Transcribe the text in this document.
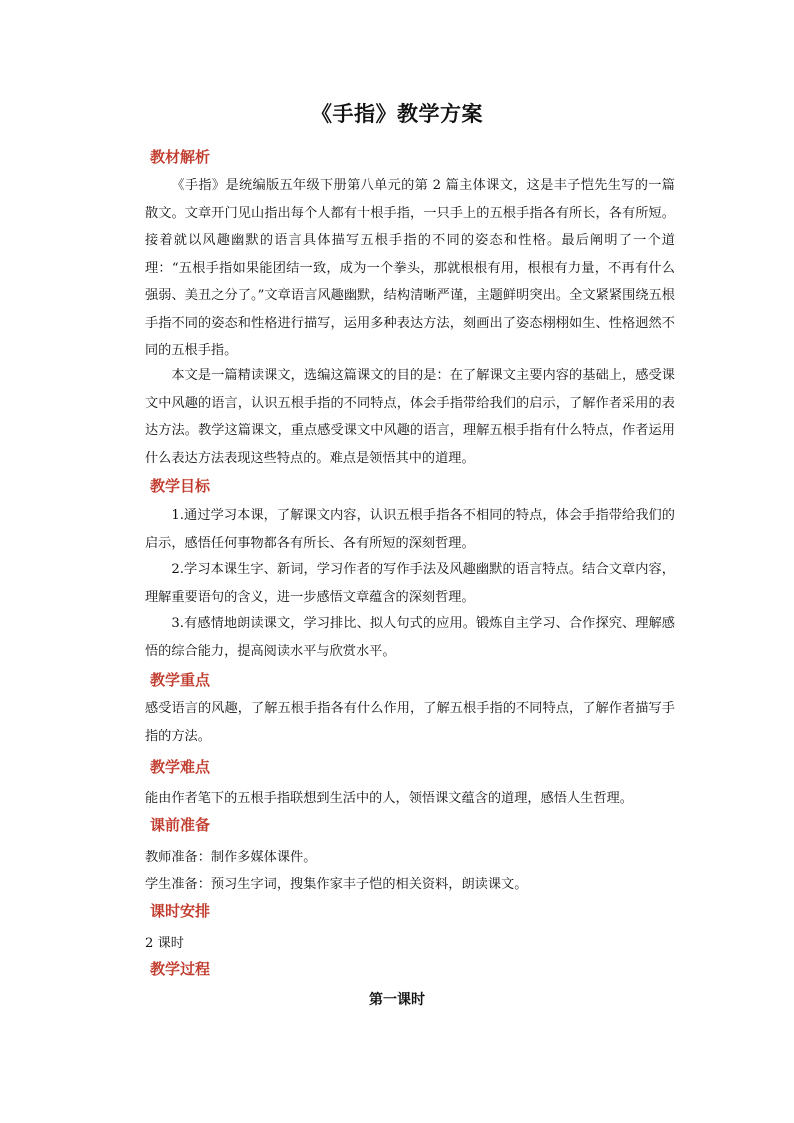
《手指》教学方案
教材解析

《手指》是统编版五年级下册第八单元的第 2 篇主体课文，这是丰子恺先生写的一篇散文。文章开门见山指出每个人都有十根手指，一只手上的五根手指各有所长，各有所短。接着就以风趣幽默的语言具体描写五根手指的不同的姿态和性格。最后阐明了一个道理：“五根手指如果能团结一致，成为一个拳头，那就根根有用，根根有力量，不再有什么强弱、美丑之分了。”文章语言风趣幽默，结构清晰严谨，主题鲜明突出。全文紧紧围绕五根手指不同的姿态和性格进行描写，运用多种表达方法，刻画出了姿态栩栩如生、性格迥然不同的五根手指。

本文是一篇精读课文，选编这篇课文的目的是：在了解课文主要内容的基础上，感受课文中风趣的语言，认识五根手指的不同特点，体会手指带给我们的启示，了解作者采用的表达方法。教学这篇课文，重点感受课文中风趣的语言，理解五根手指有什么特点，作者运用什么表达方法表现这些特点的。难点是领悟其中的道理。

教学目标

1.通过学习本课，了解课文内容，认识五根手指各不相同的特点，体会手指带给我们的启示，感悟任何事物都各有所长、各有所短的深刻哲理。

2.学习本课生字、新词，学习作者的写作手法及风趣幽默的语言特点。结合文章内容，理解重要语句的含义，进一步感悟文章蕴含的深刻哲理。

3.有感情地朗读课文，学习排比、拟人句式的应用。锻炼自主学习、合作探究、理解感悟的综合能力，提高阅读水平与欣赏水平。

教学重点

感受语言的风趣，了解五根手指各有什么作用，了解五根手指的不同特点，了解作者描写手指的方法。

教学难点
能由作者笔下的五根手指联想到生活中的人，领悟课文蕴含的道理，感悟人生哲理。
课前准备
教师准备：制作多媒体课件。
学生准备：预习生字词，搜集作家丰子恺的相关资料，朗读课文。
课时安排
2 课时
教学过程
第一课时
